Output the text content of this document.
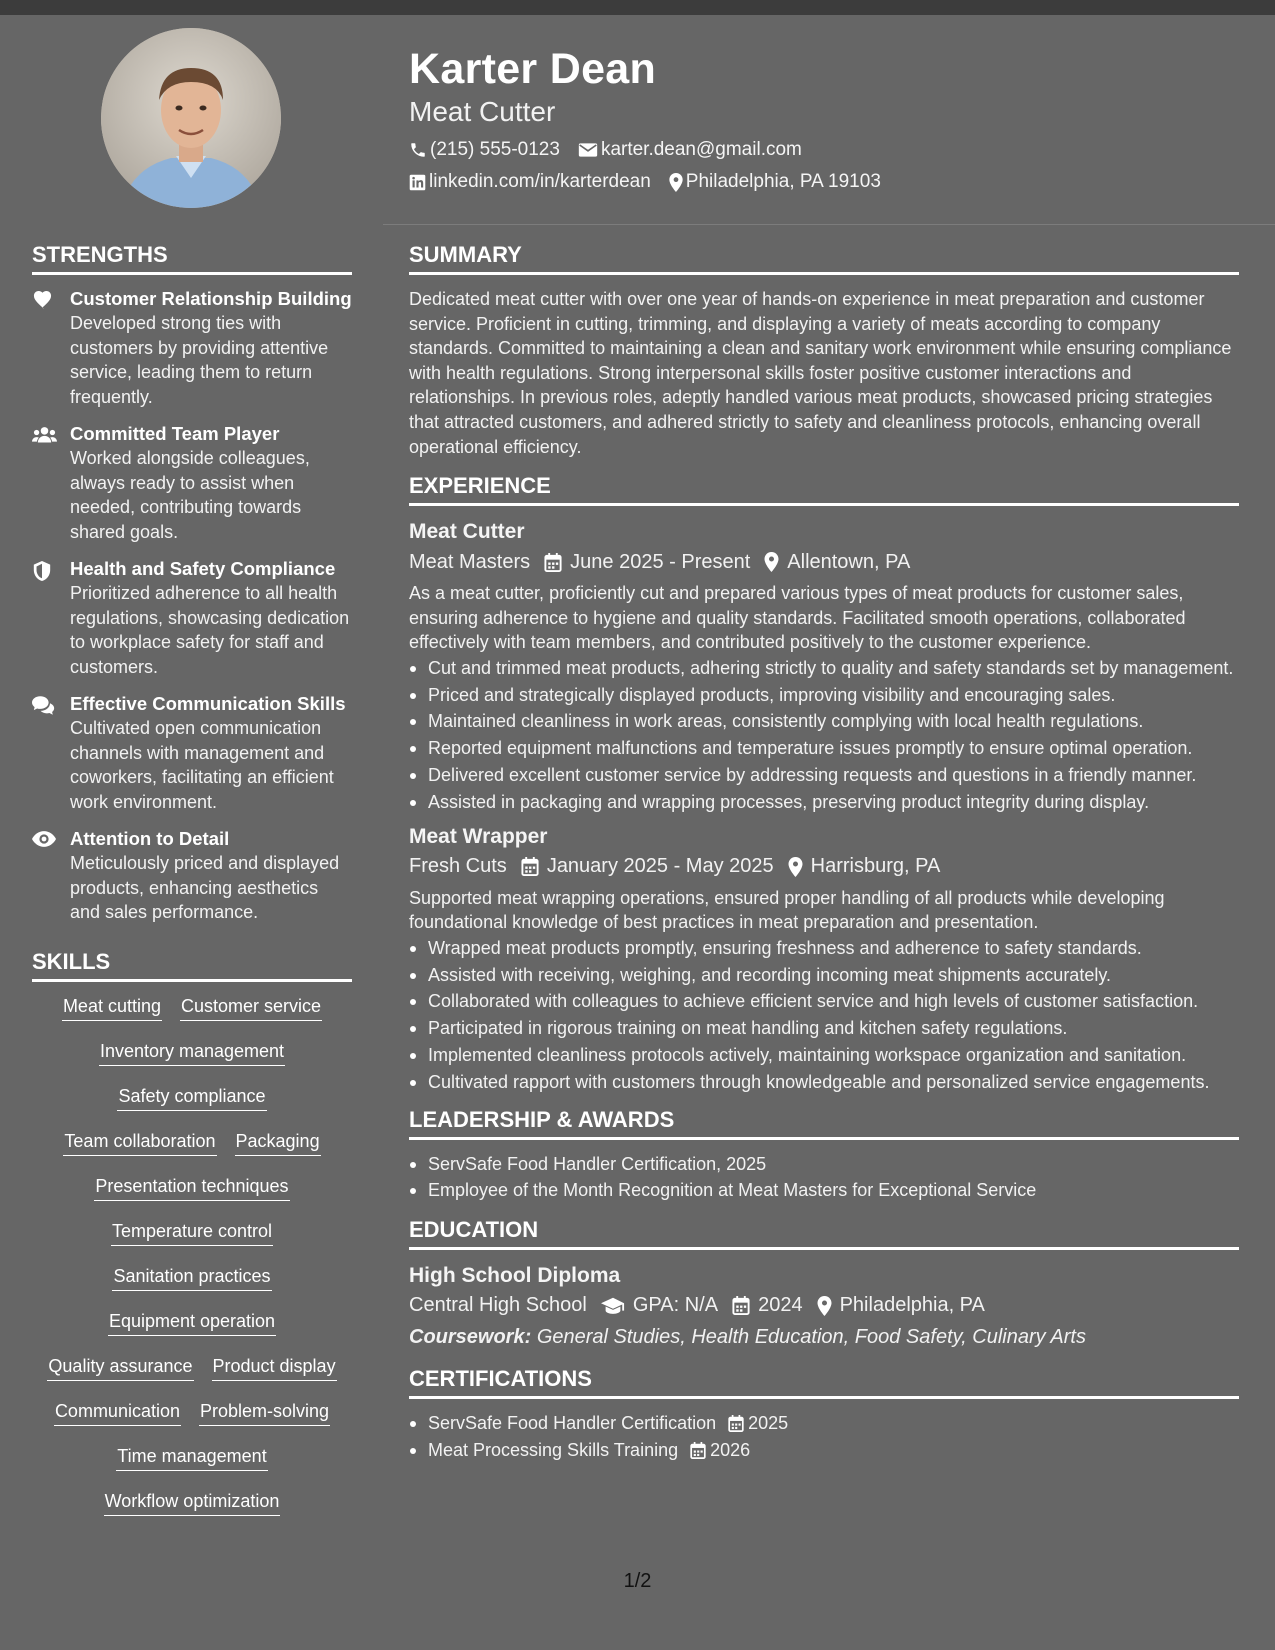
Karter Dean
Meat Cutter
(215) 555-0123 karter.dean@gmail.com
linkedin.com/in/karterdean Philadelphia, PA 19103
STRENGTHS
Customer Relationship Building
Developed strong ties with customers by providing attentive service, leading them to return frequently.
Committed Team Player
Worked alongside colleagues, always ready to assist when needed, contributing towards shared goals.
Health and Safety Compliance
Prioritized adherence to all health regulations, showcasing dedication to workplace safety for staff and customers.
Effective Communication Skills
Cultivated open communication channels with management and coworkers, facilitating an efficient work environment.
Attention to Detail
Meticulously priced and displayed products, enhancing aesthetics and sales performance.
SKILLS
Meat cutting Customer service
Inventory management
Safety compliance
Team collaboration Packaging
Presentation techniques
Temperature control
Sanitation practices
Equipment operation
Quality assurance Product display
Communication Problem-solving
Time management
Workflow optimization
SUMMARY
Dedicated meat cutter with over one year of hands-on experience in meat preparation and customer service. Proficient in cutting, trimming, and displaying a variety of meats according to company standards. Committed to maintaining a clean and sanitary work environment while ensuring compliance with health regulations. Strong interpersonal skills foster positive customer interactions and relationships. In previous roles, adeptly handled various meat products, showcased pricing strategies that attracted customers, and adhered strictly to safety and cleanliness protocols, enhancing overall operational efficiency.
EXPERIENCE
Meat Cutter
Meat Masters June 2025 - Present Allentown, PA
As a meat cutter, proficiently cut and prepared various types of meat products for customer sales, ensuring adherence to hygiene and quality standards. Facilitated smooth operations, collaborated effectively with team members, and contributed positively to the customer experience.
Cut and trimmed meat products, adhering strictly to quality and safety standards set by management.
Priced and strategically displayed products, improving visibility and encouraging sales.
Maintained cleanliness in work areas, consistently complying with local health regulations.
Reported equipment malfunctions and temperature issues promptly to ensure optimal operation.
Delivered excellent customer service by addressing requests and questions in a friendly manner.
Assisted in packaging and wrapping processes, preserving product integrity during display.
Meat Wrapper
Fresh Cuts January 2025 - May 2025 Harrisburg, PA
Supported meat wrapping operations, ensured proper handling of all products while developing foundational knowledge of best practices in meat preparation and presentation.
Wrapped meat products promptly, ensuring freshness and adherence to safety standards.
Assisted with receiving, weighing, and recording incoming meat shipments accurately.
Collaborated with colleagues to achieve efficient service and high levels of customer satisfaction.
Participated in rigorous training on meat handling and kitchen safety regulations.
Implemented cleanliness protocols actively, maintaining workspace organization and sanitation.
Cultivated rapport with customers through knowledgeable and personalized service engagements.
LEADERSHIP & AWARDS
ServSafe Food Handler Certification, 2025
Employee of the Month Recognition at Meat Masters for Exceptional Service
EDUCATION
High School Diploma
Central High School GPA: N/A 2024 Philadelphia, PA
Coursework: General Studies, Health Education, Food Safety, Culinary Arts
CERTIFICATIONS
ServSafe Food Handler Certification 2025
Meat Processing Skills Training 2026
1/2
